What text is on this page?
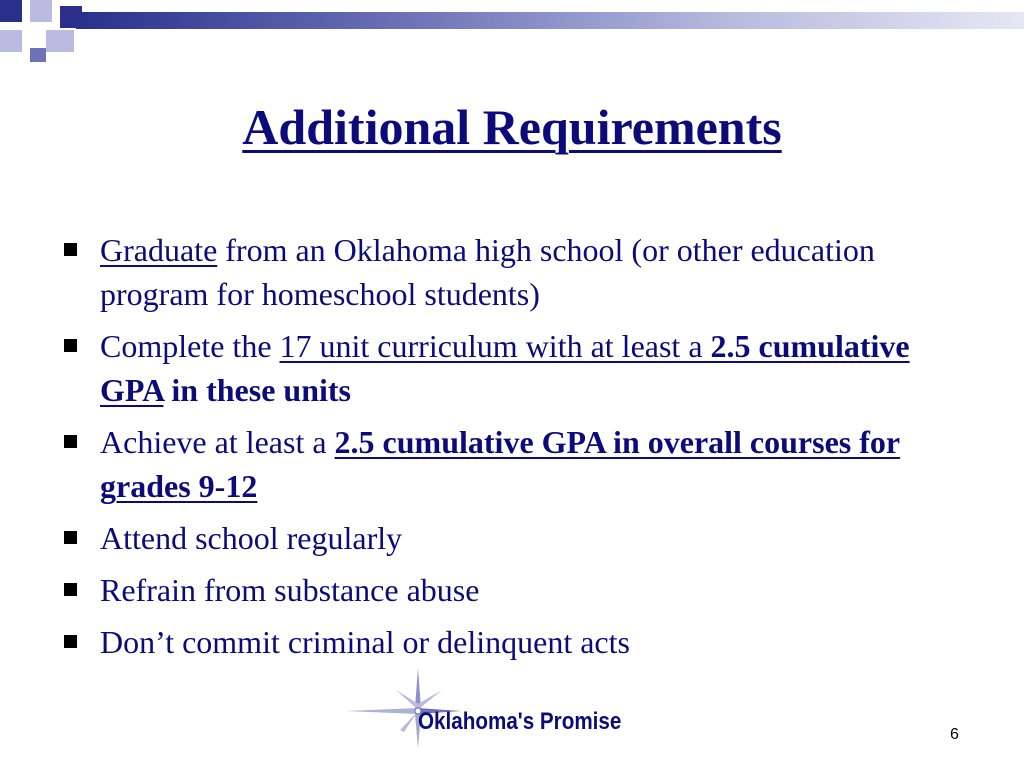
Additional Requirements
Graduate from an Oklahoma high school (or other education program for homeschool students)
Complete the 17 unit curriculum with at least a 2.5 cumulative GPA in these units
Achieve at least a 2.5 cumulative GPA in overall courses for grades 9-12
Attend school regularly
Refrain from substance abuse
Don’t commit criminal or delinquent acts
Oklahoma's Promise	6
